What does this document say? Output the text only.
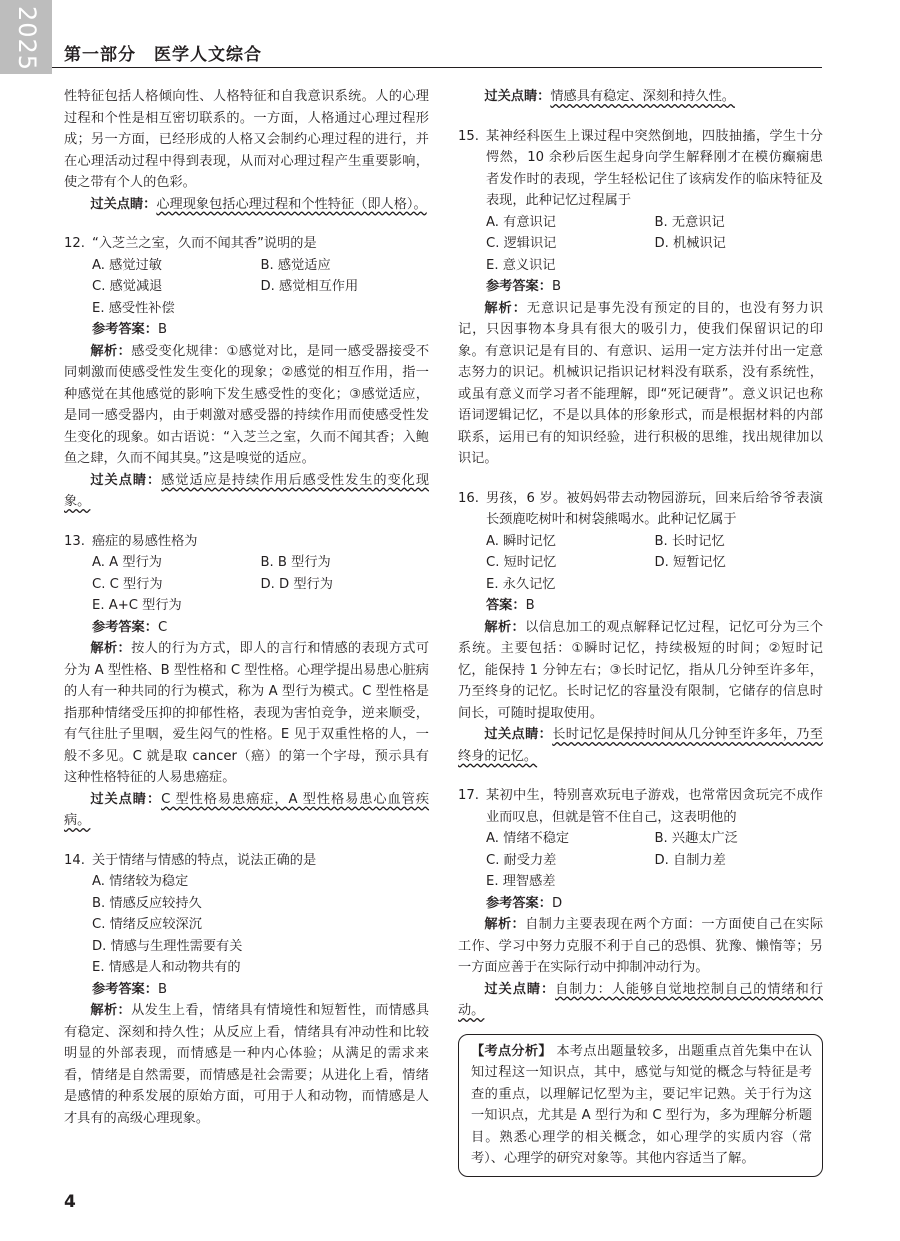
2025 第一部分　医学人文综合

性特征包括人格倾向性、人格特征和自我意识系统。人的心理过程和个性是相互密切联系的。一方面，人格通过心理过程形成；另一方面，已经形成的人格又会制约心理过程的进行，并在心理活动过程中得到表现，从而对心理过程产生重要影响，使之带有个人的色彩。

过关点睛：心理现象包括心理过程和个性特征（即人格）。

12. “入芝兰之室，久而不闻其香”说明的是
A. 感觉过敏	B. 感觉适应
C. 感觉减退	D. 感觉相互作用
E. 感受性补偿

参考答案：B

解析：感受变化规律：①感觉对比，是同一感受器接受不同刺激而使感受性发生变化的现象；②感觉的相互作用，指一种感觉在其他感觉的影响下发生感受性的变化；③感觉适应，是同一感受器内，由于刺激对感受器的持续作用而使感受性发生变化的现象。如古语说：“入芝兰之室，久而不闻其香；入鲍鱼之肆，久而不闻其臭。”这是嗅觉的适应。

过关点睛：感觉适应是持续作用后感受性发生的变化现象。

13. 癌症的易感性格为
A. A 型行为	B. B 型行为
C. C 型行为	D. D 型行为
E. A+C 型行为

参考答案：C

解析：按人的行为方式，即人的言行和情感的表现方式可分为 A 型性格、B 型性格和 C 型性格。心理学提出易患心脏病的人有一种共同的行为模式，称为 A 型行为模式。C 型性格是指那种情绪受压抑的抑郁性格，表现为害怕竞争，逆来顺受，有气往肚子里咽，爱生闷气的性格。E 见于双重性格的人，一般不多见。C 就是取 cancer（癌）的第一个字母，预示具有这种性格特征的人易患癌症。

过关点睛：C 型性格易患癌症，A 型性格易患心血管疾病。

14. 关于情绪与情感的特点，说法正确的是
A. 情绪较为稳定
B. 情感反应较持久
C. 情绪反应较深沉
D. 情感与生理性需要有关
E. 情感是人和动物共有的

参考答案：B

解析：从发生上看，情绪具有情境性和短暂性，而情感具有稳定、深刻和持久性；从反应上看，情绪具有冲动性和比较明显的外部表现，而情感是一种内心体验；从满足的需求来看，情绪是自然需要，而情感是社会需要；从进化上看，情绪是感情的种系发展的原始方面，可用于人和动物，而情感是人才具有的高级心理现象。

过关点睛：情感具有稳定、深刻和持久性。

15. 某神经科医生上课过程中突然倒地，四肢抽搐，学生十分愕然，10 余秒后医生起身向学生解释刚才在模仿癫痫患者发作时的表现，学生轻松记住了该病发作的临床特征及表现，此种记忆过程属于
A. 有意识记	B. 无意识记
C. 逻辑识记	D. 机械识记
E. 意义识记

参考答案：B

解析：无意识记是事先没有预定的目的，也没有努力识记，只因事物本身具有很大的吸引力，使我们保留识记的印象。有意识记是有目的、有意识、运用一定方法并付出一定意志努力的识记。机械识记指识记材料没有联系，没有系统性，或虽有意义而学习者不能理解，即“死记硬背”。意义识记也称语词逻辑记忆，不是以具体的形象形式，而是根据材料的内部联系，运用已有的知识经验，进行积极的思维，找出规律加以识记。

16. 男孩，6 岁。被妈妈带去动物园游玩，回来后给爷爷表演长颈鹿吃树叶和树袋熊喝水。此种记忆属于
A. 瞬时记忆	B. 长时记忆
C. 短时记忆	D. 短暂记忆
E. 永久记忆

答案：B

解析：以信息加工的观点解释记忆过程，记忆可分为三个系统。主要包括：①瞬时记忆，持续极短的时间；②短时记忆，能保持 1 分钟左右；③长时记忆，指从几分钟至许多年，乃至终身的记忆。长时记忆的容量没有限制，它储存的信息时间长，可随时提取使用。

过关点睛：长时记忆是保持时间从几分钟至许多年，乃至终身的记忆。

17. 某初中生，特别喜欢玩电子游戏，也常常因贪玩完不成作业而叹息，但就是管不住自己，这表明他的
A. 情绪不稳定	B. 兴趣太广泛
C. 耐受力差	D. 自制力差
E. 理智感差

参考答案：D

解析：自制力主要表现在两个方面：一方面使自己在实际工作、学习中努力克服不利于自己的恐惧、犹豫、懒惰等；另一方面应善于在实际行动中抑制冲动行为。

过关点睛：自制力：人能够自觉地控制自己的情绪和行动。

【考点分析】 本考点出题量较多，出题重点首先集中在认知过程这一知识点，其中，感觉与知觉的概念与特征是考查的重点，以理解记忆型为主，要记牢记熟。关于行为这一知识点，尤其是 A 型行为和 C 型行为，多为理解分析题目。熟悉心理学的相关概念，如心理学的实质内容（常考）、心理学的研究对象等。其他内容适当了解。
4
